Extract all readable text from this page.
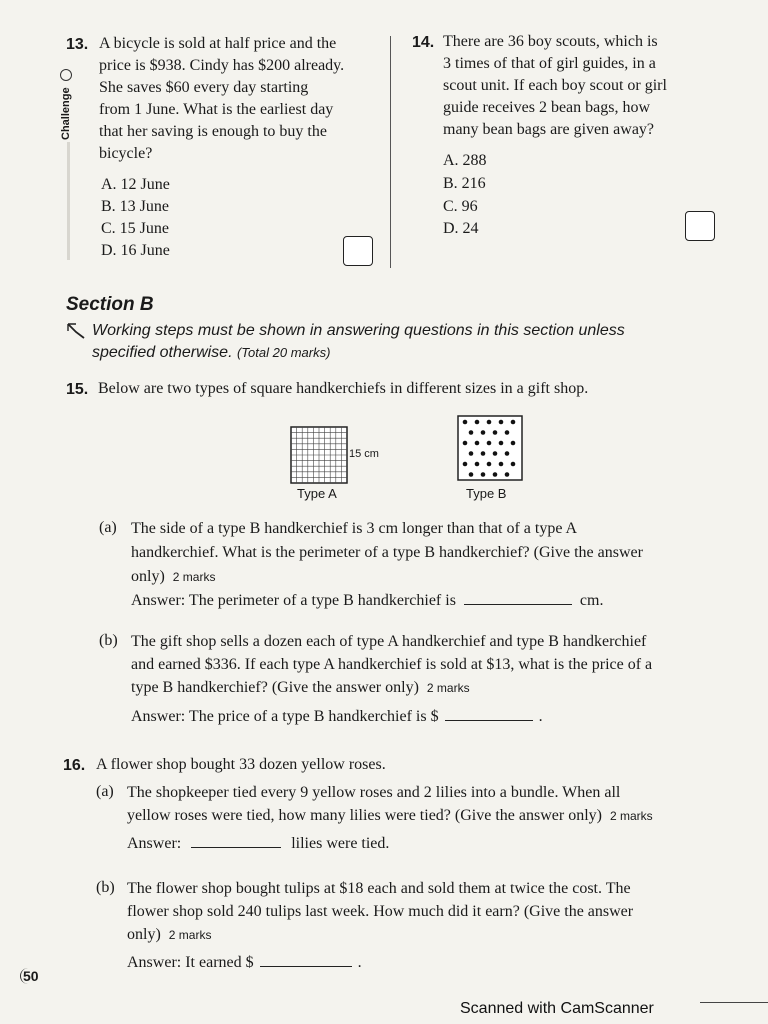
13.
Challenge
A bicycle is sold at half price and the
price is $938. Cindy has $200 already.
She saves $60 every day starting
from 1 June. What is the earliest day
that her saving is enough to buy the
bicycle?
A. 12 June
B. 13 June
C. 15 June
D. 16 June
14. There are 36 boy scouts, which is
3 times of that of girl guides, in a
scout unit. If each boy scout or girl
guide receives 2 bean bags, how
many bean bags are given away?
A. 288
B. 216
C. 96
D. 24
Section B
Working steps must be shown in answering questions in this section unless
specified otherwise. (Total 20 marks)
15. Below are two types of square handkerchiefs in different sizes in a gift shop.
15 cm
Type A	Type B
(a) The side of a type B handkerchief is 3 cm longer than that of a type A
handkerchief. What is the perimeter of a type B handkerchief? (Give the answer
only) 2 marks
Answer: The perimeter of a type B handkerchief is	cm.
(b) The gift shop sells a dozen each of type A handkerchief and type B handkerchief
and earned $336. If each type A handkerchief is sold at $13, what is the price of a
type B handkerchief? (Give the answer only) 2 marks
Answer: The price of a type B handkerchief is $	.
16. A flower shop bought 33 dozen yellow roses.
(a) The shopkeeper tied every 9 yellow roses and 2 lilies into a bundle. When all
yellow roses were tied, how many lilies were tied? (Give the answer only) 2 marks
Answer:	lilies were tied.
(b) The flower shop bought tulips at $18 each and sold them at twice the cost. The
flower shop sold 240 tulips last week. How much did it earn? (Give the answer
only) 2 marks
Answer: It earned $	.
50
Scanned with CamScanner
